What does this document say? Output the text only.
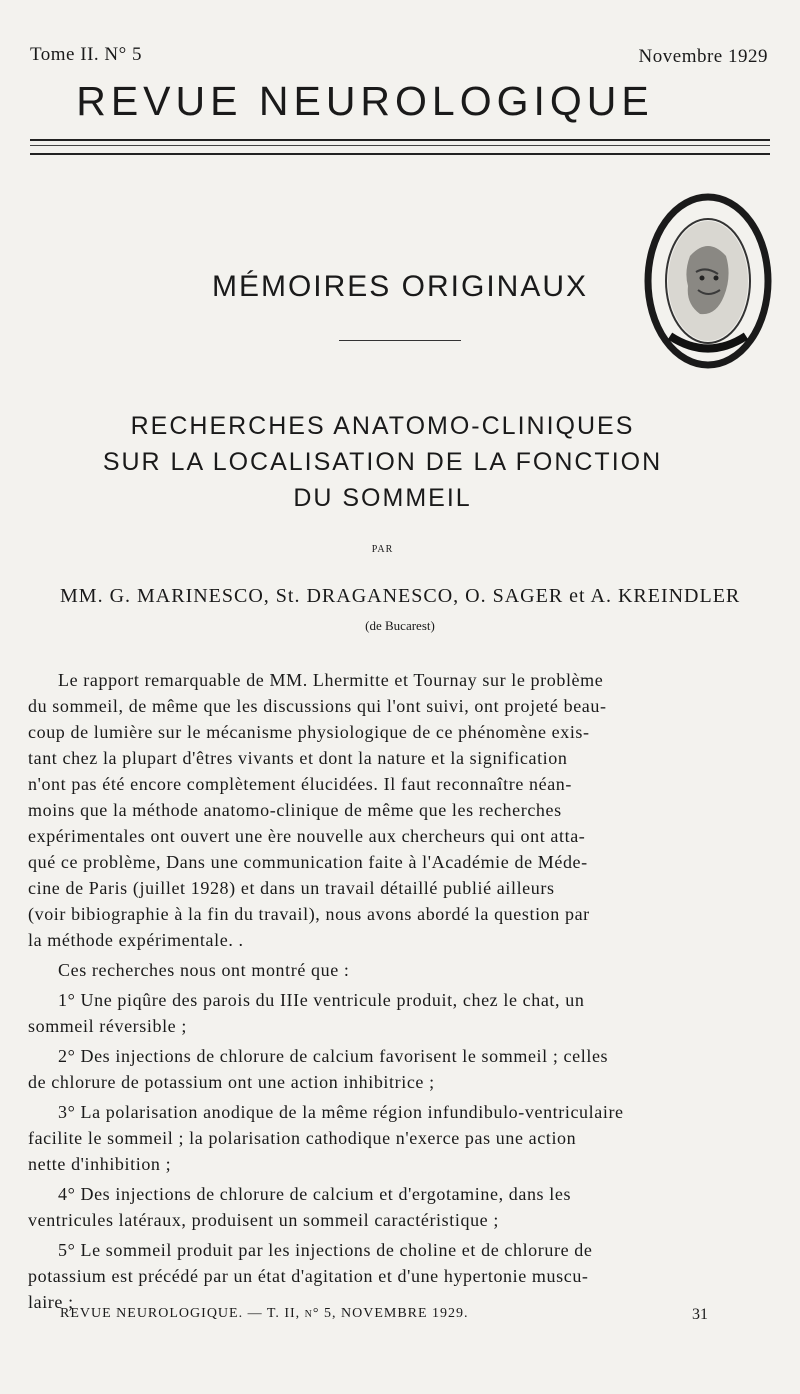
Tome II. N° 5	Novembre 1929
REVUE NEUROLOGIQUE
MÉMOIRES ORIGINAUX
RECHERCHES ANATOMO-CLINIQUES
SUR LA LOCALISATION DE LA FONCTION
DU SOMMEIL
PAR
MM. G. MARINESCO, St. DRAGANESCO, O. SAGER et A. KREINDLER
(de Bucarest)
Le rapport remarquable de MM. Lhermitte et Tournay sur le problème
du sommeil, de même que les discussions qui l'ont suivi, ont projeté beau-
coup de lumière sur le mécanisme physiologique de ce phénomène exis-
tant chez la plupart d'êtres vivants et dont la nature et la signification
n'ont pas été encore complètement élucidées. Il faut reconnaître néan-
moins que la méthode anatomo-clinique de même que les recherches
expérimentales ont ouvert une ère nouvelle aux chercheurs qui ont atta-
qué ce problème, Dans une communication faite à l'Académie de Méde-
cine de Paris (juillet 1928) et dans un travail détaillé publié ailleurs
(voir bibiographie à la fin du travail), nous avons abordé la question par
la méthode expérimentale. .
Ces recherches nous ont montré que :
1° Une piqûre des parois du IIIe ventricule produit, chez le chat, un
sommeil réversible ;
2° Des injections de chlorure de calcium favorisent le sommeil ; celles
de chlorure de potassium ont une action inhibitrice ;
3° La polarisation anodique de la même région infundibulo-ventriculaire
facilite le sommeil ; la polarisation cathodique n'exerce pas une action
nette d'inhibition ;
4° Des injections de chlorure de calcium et d'ergotamine, dans les
ventricules latéraux, produisent un sommeil caractéristique ;
5° Le sommeil produit par les injections de choline et de chlorure de
potassium est précédé par un état d'agitation et d'une hypertonie muscu-
laire ;
REVUE NEUROLOGIQUE. — T. II, n° 5, NOVEMBRE 1929.	31
